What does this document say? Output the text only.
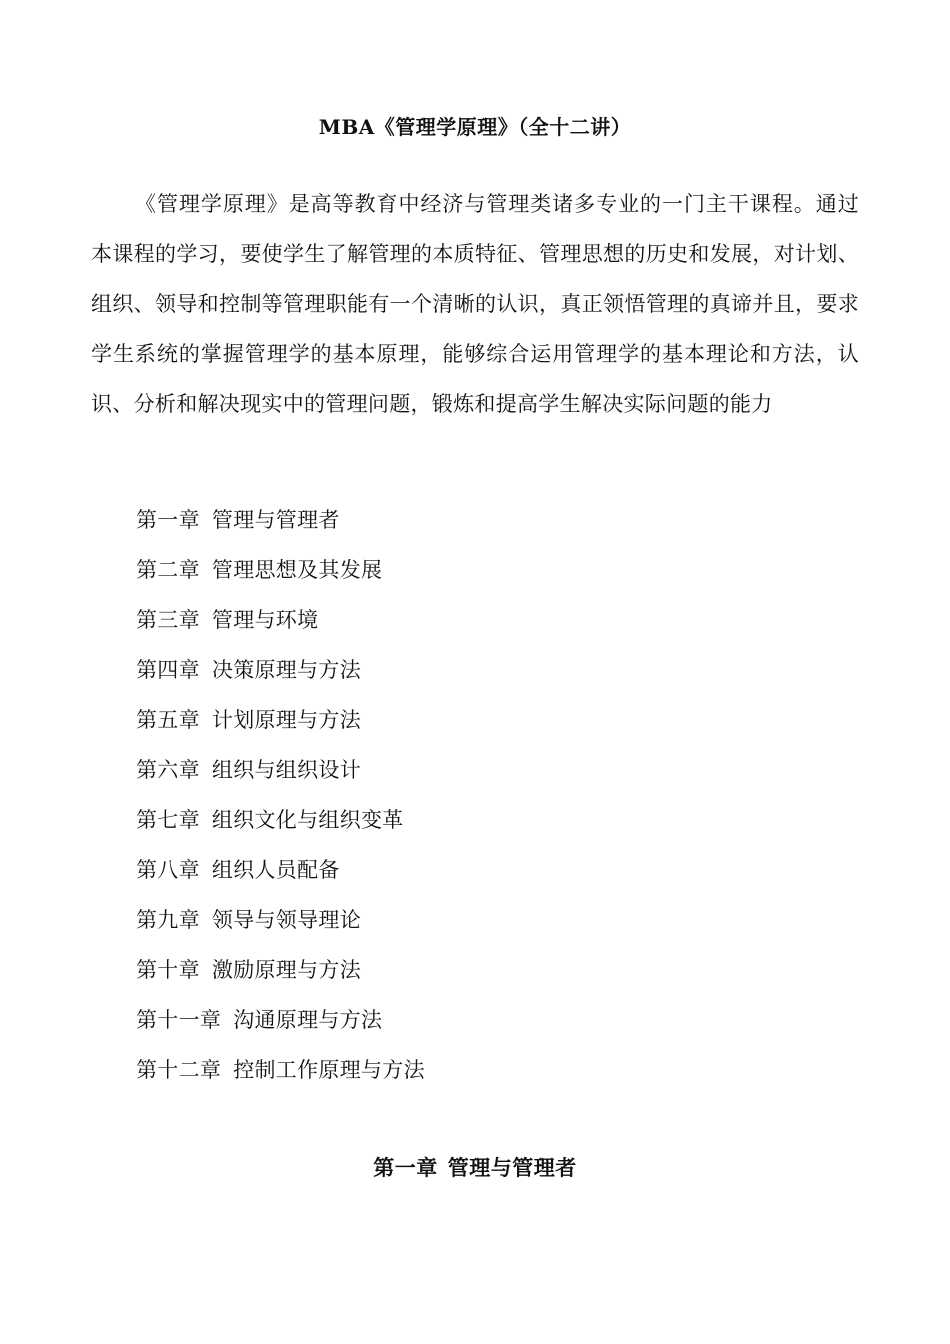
MBA《管理学原理》（全十二讲）

《管理学原理》是高等教育中经济与管理类诸多专业的一门主干课程。通过本课程的学习，要使学生了解管理的本质特征、管理思想的历史和发展，对计划、组织、领导和控制等管理职能有一个清晰的认识，真正领悟管理的真谛并且，要求学生系统的掌握管理学的基本原理，能够综合运用管理学的基本理论和方法，认识、分析和解决现实中的管理问题，锻炼和提高学生解决实际问题的能力

第一章 管理与管理者
第二章 管理思想及其发展
第三章 管理与环境
第四章 决策原理与方法
第五章 计划原理与方法
第六章 组织与组织设计
第七章 组织文化与组织变革
第八章 组织人员配备
第九章 领导与领导理论
第十章 激励原理与方法
第十一章 沟通原理与方法
第十二章 控制工作原理与方法
第一章 管理与管理者
